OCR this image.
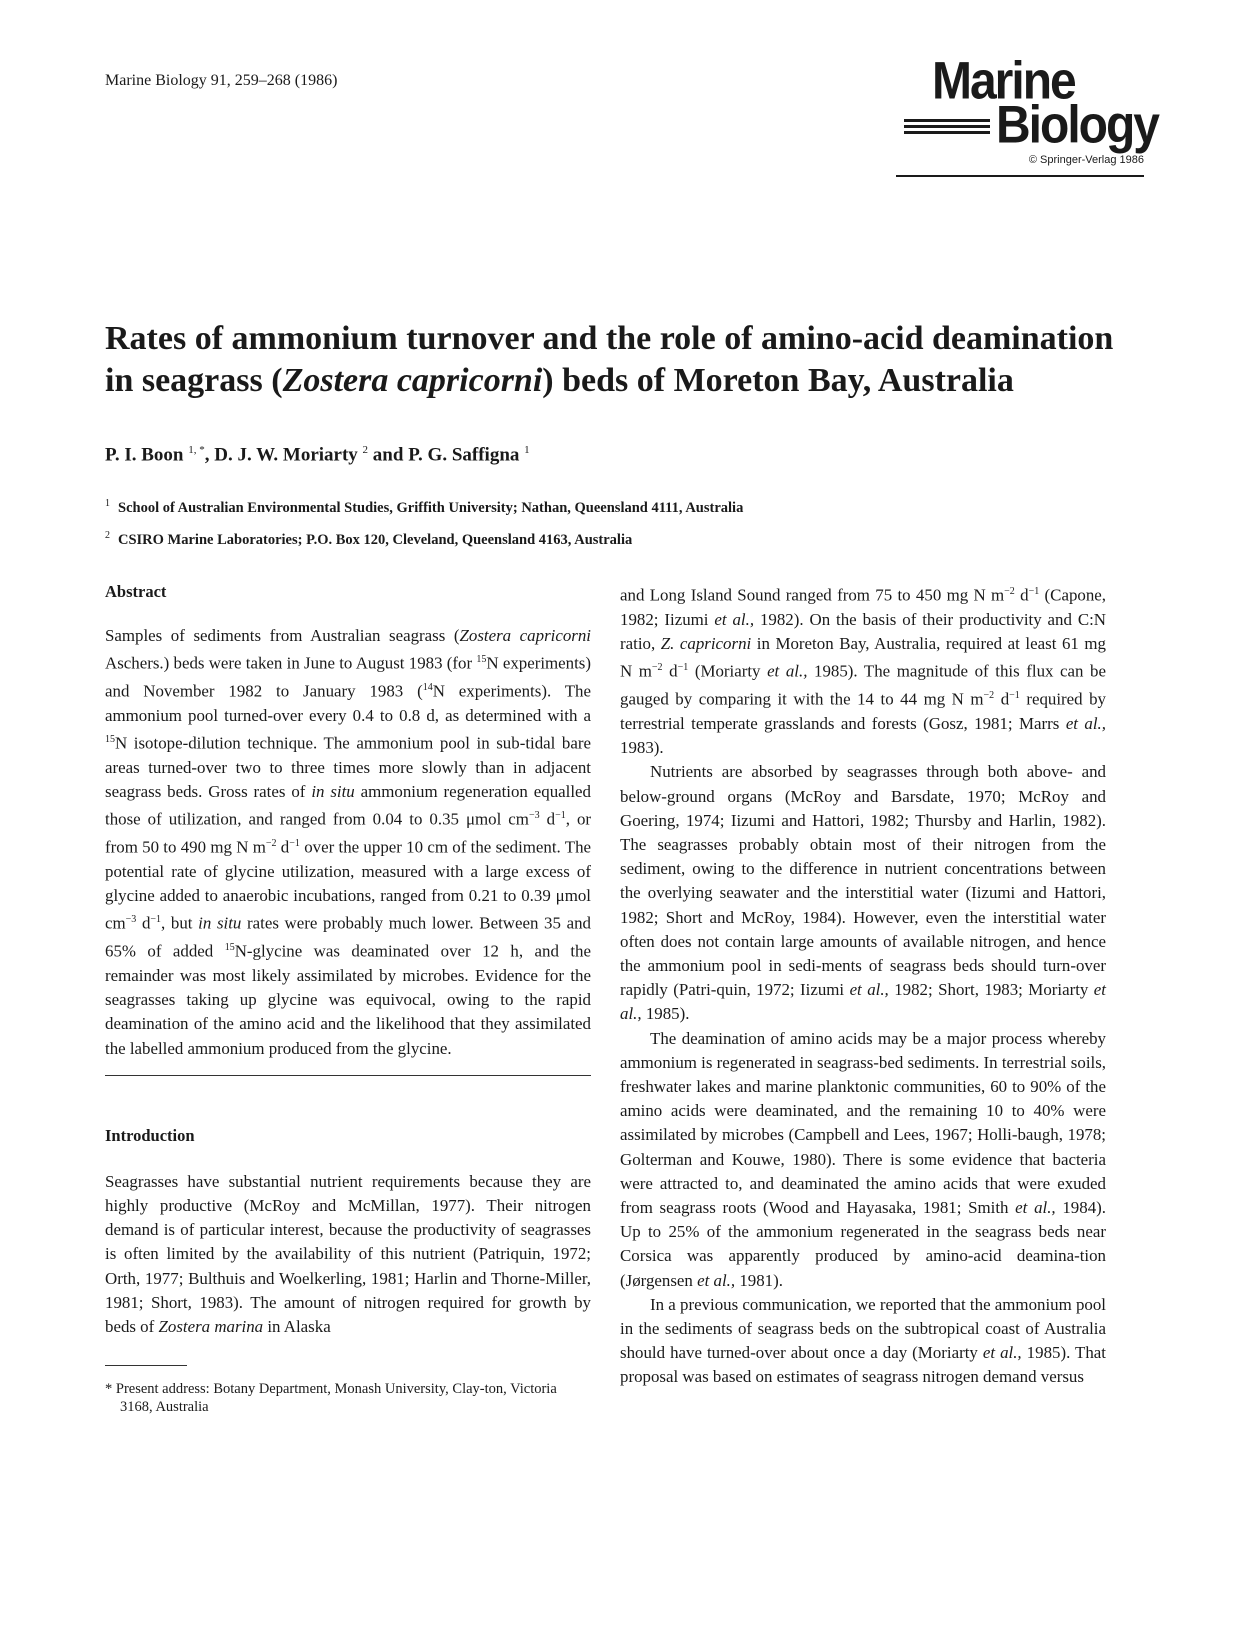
Marine Biology 91, 259–268 (1986)	Marine
Biology
© Springer-Verlag 1986
Rates of ammonium turnover and the role of amino-acid deamination in seagrass (Zostera capricorni) beds of Moreton Bay, Australia
P. I. Boon $^{1, *}$, D. J. W. Moriarty $^2$ and P. G. Saffigna $^1$
$^1$ School of Australian Environmental Studies, Griffith University; Nathan, Queensland 4111, Australia
$^2$ CSIRO Marine Laboratories; P.O. Box 120, Cleveland, Queensland 4163, Australia
Abstract

Samples of sediments from Australian seagrass (Zostera capricorni Aschers.) beds were taken in June to August 1983 (for $^{15}$N experiments) and November 1982 to January 1983 ($^{14}$N experiments). The ammonium pool turned-over every 0.4 to 0.8 d, as determined with a $^{15}$N isotope-dilution technique. The ammonium pool in sub-tidal bare areas turned-over two to three times more slowly than in adjacent seagrass beds. Gross rates of in situ ammonium regeneration equalled those of utilization, and ranged from 0.04 to 0.35 μmol $cm^{-3}$ $d^{-1}$, or from 50 to 490 mg N $m^{-2}$ $d^{-1}$ over the upper 10 cm of the sediment. The potential rate of glycine utilization, measured with a large excess of glycine added to anaerobic incubations, ranged from 0.21 to 0.39 μmol $cm^{-3}$ $d^{-1}$, but in situ rates were probably much lower. Between 35 and 65% of added $^{15}$N-glycine was deaminated over 12 h, and the remainder was most likely assimilated by microbes. Evidence for the seagrasses taking up glycine was equivocal, owing to the rapid deamination of the amino acid and the likelihood that they assimilated the labelled ammonium produced from the glycine.

Introduction

Seagrasses have substantial nutrient requirements because they are highly productive (McRoy and McMillan, 1977). Their nitrogen demand is of particular interest, because the productivity of seagrasses is often limited by the availability of this nutrient (Patriquin, 1972; Orth, 1977; Bulthuis and Woelkerling, 1981; Harlin and Thorne-Miller, 1981; Short, 1983). The amount of nitrogen required for growth by beds of Zostera marina in Alaska

* Present address: Botany Department, Monash University, Clay-ton, Victoria 3168, Australia

and Long Island Sound ranged from 75 to 450 mg N $m^{-2}$ $d^{-1}$ (Capone, 1982; Iizumi et al., 1982). On the basis of their productivity and C:N ratio, Z. capricorni in Moreton Bay, Australia, required at least 61 mg N $m^{-2}$ $d^{-1}$ (Moriarty et al., 1985). The magnitude of this flux can be gauged by comparing it with the 14 to 44 mg N $m^{-2}$ $d^{-1}$ required by terrestrial temperate grasslands and forests (Gosz, 1981; Marrs et al., 1983).

Nutrients are absorbed by seagrasses through both above- and below-ground organs (McRoy and Barsdate, 1970; McRoy and Goering, 1974; Iizumi and Hattori, 1982; Thursby and Harlin, 1982). The seagrasses probably obtain most of their nitrogen from the sediment, owing to the difference in nutrient concentrations between the overlying seawater and the interstitial water (Iizumi and Hattori, 1982; Short and McRoy, 1984). However, even the interstitial water often does not contain large amounts of available nitrogen, and hence the ammonium pool in sedi-ments of seagrass beds should turn-over rapidly (Patri-quin, 1972; Iizumi et al., 1982; Short, 1983; Moriarty et al., 1985).

The deamination of amino acids may be a major process whereby ammonium is regenerated in seagrass-bed sediments. In terrestrial soils, freshwater lakes and marine planktonic communities, 60 to 90% of the amino acids were deaminated, and the remaining 10 to 40% were assimilated by microbes (Campbell and Lees, 1967; Holli-baugh, 1978; Golterman and Kouwe, 1980). There is some evidence that bacteria were attracted to, and deaminated the amino acids that were exuded from seagrass roots (Wood and Hayasaka, 1981; Smith et al., 1984). Up to 25% of the ammonium regenerated in the seagrass beds near Corsica was apparently produced by amino-acid deamina-tion (Jørgensen et al., 1981).

In a previous communication, we reported that the ammonium pool in the sediments of seagrass beds on the subtropical coast of Australia should have turned-over about once a day (Moriarty et al., 1985). That proposal was based on estimates of seagrass nitrogen demand versus
